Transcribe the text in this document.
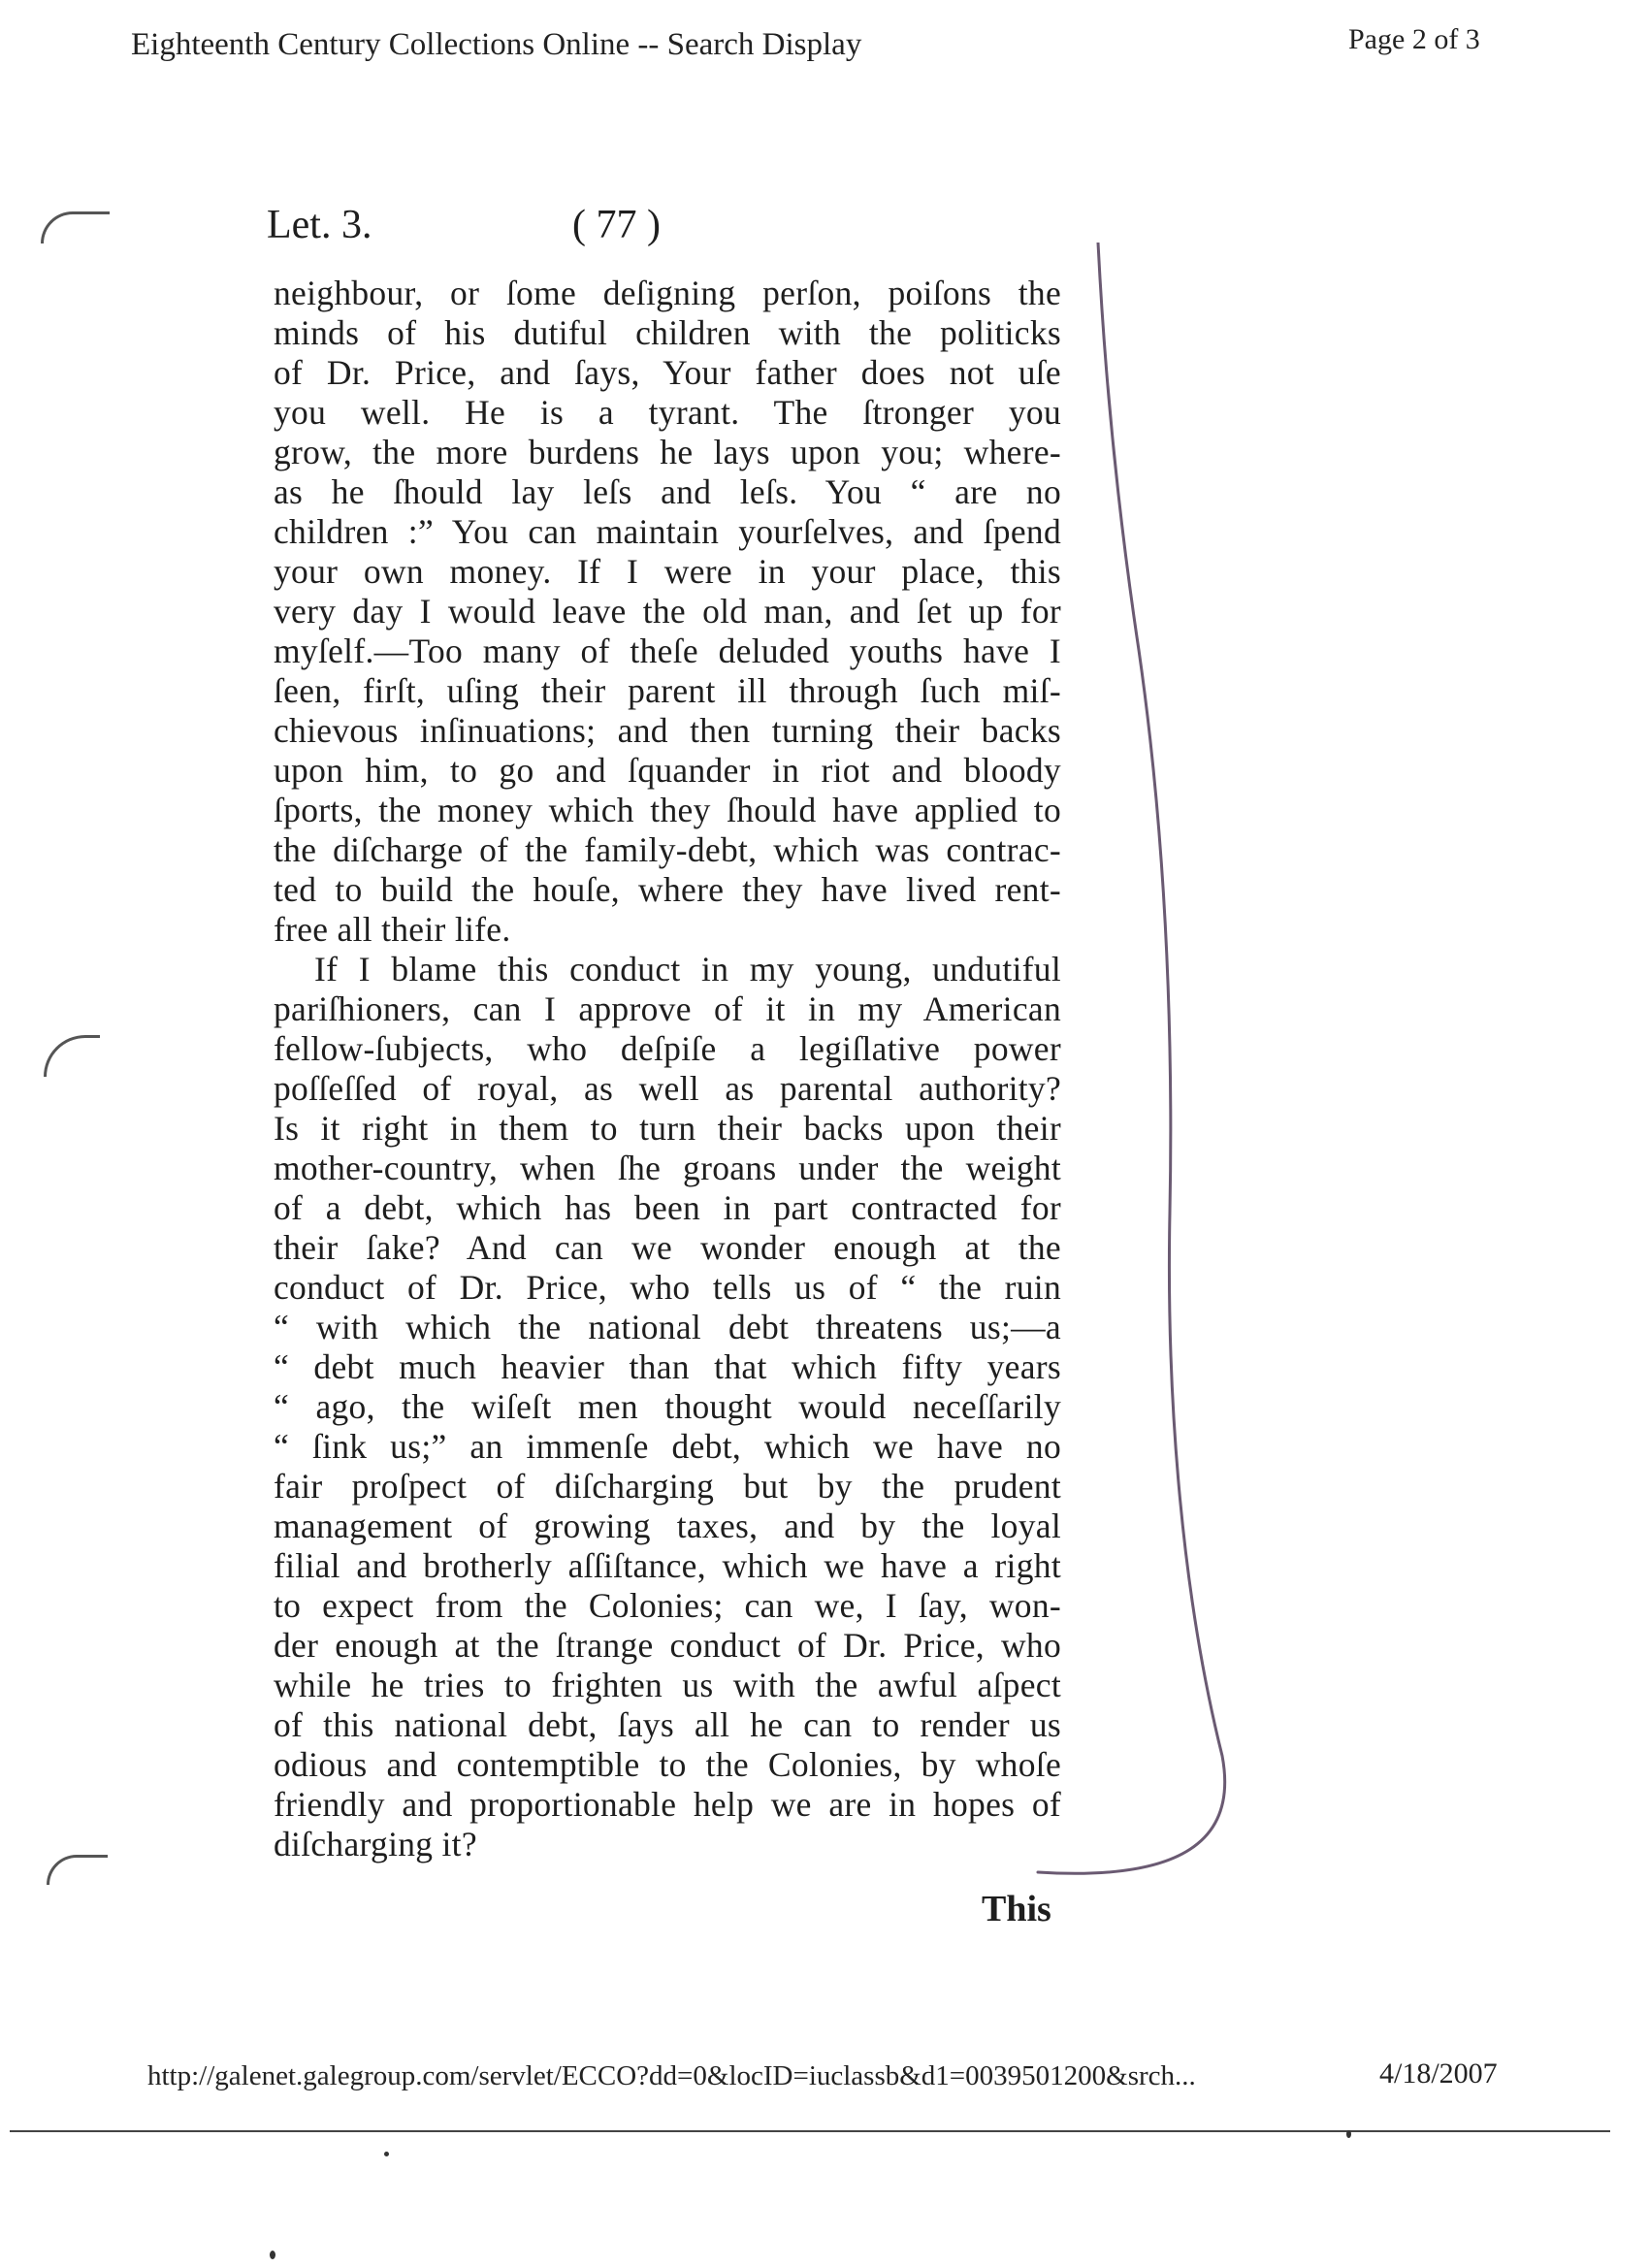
Eighteenth Century Collections Online -- Search Display	Page 2 of 3
Let. 3.	( 77 )
neighbour, or ſome deſigning perſon, poiſons the
minds of his dutiful children with the politicks
of Dr. Price, and ſays, Your father does not uſe
you well. He is a tyrant. The ſtronger you
grow, the more burdens he lays upon you; where-
as he ſhould lay leſs and leſs. You “ are no
children :” You can maintain yourſelves, and ſpend
your own money. If I were in your place, this
very day I would leave the old man, and ſet up for
myſelf.—Too many of theſe deluded youths have I
ſeen, firſt, uſing their parent ill through ſuch miſ-
chievous inſinuations; and then turning their backs
upon him, to go and ſquander in riot and bloody
ſports, the money which they ſhould have applied to
the diſcharge of the family-debt, which was contrac-
ted to build the houſe, where they have lived rent-
free all their life.
If I blame this conduct in my young, undutiful
pariſhioners, can I approve of it in my American
fellow-ſubjects, who deſpiſe a legiſlative power
poſſeſſed of royal, as well as parental authority?
Is it right in them to turn their backs upon their
mother-country, when ſhe groans under the weight
of a debt, which has been in part contracted for
their ſake? And can we wonder enough at the
conduct of Dr. Price, who tells us of “ the ruin
“ with which the national debt threatens us;—a
“ debt much heavier than that which fifty years
“ ago, the wiſeſt men thought would neceſſarily
“ ſink us;” an immenſe debt, which we have no
fair proſpect of diſcharging but by the prudent
management of growing taxes, and by the loyal
filial and brotherly aſſiſtance, which we have a right
to expect from the Colonies; can we, I ſay, won-
der enough at the ſtrange conduct of Dr. Price, who
while he tries to frighten us with the awful aſpect
of this national debt, ſays all he can to render us
odious and contemptible to the Colonies, by whoſe
friendly and proportionable help we are in hopes of
diſcharging it?
This
http://galenet.galegroup.com/servlet/ECCO?dd=0&locID=iuclassb&d1=0039501200&srch...	4/18/2007
